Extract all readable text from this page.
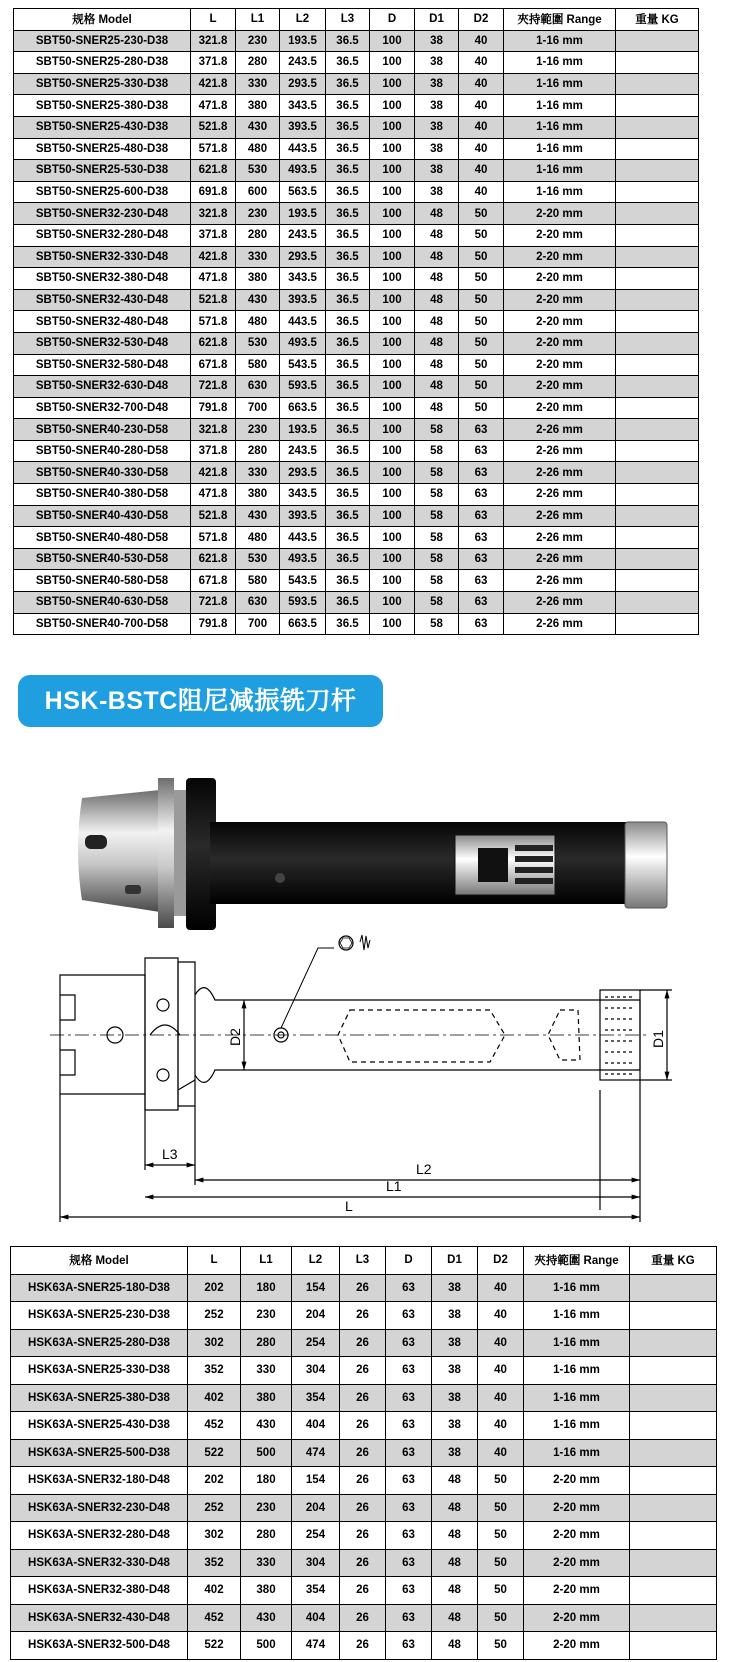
规格 Model	L	L1	L2	L3	D	D1	D2	夾持範圍 Range	重量 KG
SBT50-SNER25-230-D38	321.8	230	193.5	36.5	100	38	40	1-16 mm	
SBT50-SNER25-280-D38	371.8	280	243.5	36.5	100	38	40	1-16 mm	
SBT50-SNER25-330-D38	421.8	330	293.5	36.5	100	38	40	1-16 mm	
SBT50-SNER25-380-D38	471.8	380	343.5	36.5	100	38	40	1-16 mm	
SBT50-SNER25-430-D38	521.8	430	393.5	36.5	100	38	40	1-16 mm	
SBT50-SNER25-480-D38	571.8	480	443.5	36.5	100	38	40	1-16 mm	
SBT50-SNER25-530-D38	621.8	530	493.5	36.5	100	38	40	1-16 mm	
SBT50-SNER25-600-D38	691.8	600	563.5	36.5	100	38	40	1-16 mm	
SBT50-SNER32-230-D48	321.8	230	193.5	36.5	100	48	50	2-20 mm	
SBT50-SNER32-280-D48	371.8	280	243.5	36.5	100	48	50	2-20 mm	
SBT50-SNER32-330-D48	421.8	330	293.5	36.5	100	48	50	2-20 mm	
SBT50-SNER32-380-D48	471.8	380	343.5	36.5	100	48	50	2-20 mm	
SBT50-SNER32-430-D48	521.8	430	393.5	36.5	100	48	50	2-20 mm	
SBT50-SNER32-480-D48	571.8	480	443.5	36.5	100	48	50	2-20 mm	
SBT50-SNER32-530-D48	621.8	530	493.5	36.5	100	48	50	2-20 mm	
SBT50-SNER32-580-D48	671.8	580	543.5	36.5	100	48	50	2-20 mm	
SBT50-SNER32-630-D48	721.8	630	593.5	36.5	100	48	50	2-20 mm	
SBT50-SNER32-700-D48	791.8	700	663.5	36.5	100	48	50	2-20 mm	
SBT50-SNER40-230-D58	321.8	230	193.5	36.5	100	58	63	2-26 mm	
SBT50-SNER40-280-D58	371.8	280	243.5	36.5	100	58	63	2-26 mm	
SBT50-SNER40-330-D58	421.8	330	293.5	36.5	100	58	63	2-26 mm	
SBT50-SNER40-380-D58	471.8	380	343.5	36.5	100	58	63	2-26 mm	
SBT50-SNER40-430-D58	521.8	430	393.5	36.5	100	58	63	2-26 mm	
SBT50-SNER40-480-D58	571.8	480	443.5	36.5	100	58	63	2-26 mm	
SBT50-SNER40-530-D58	621.8	530	493.5	36.5	100	58	63	2-26 mm	
SBT50-SNER40-580-D58	671.8	580	543.5	36.5	100	58	63	2-26 mm	
SBT50-SNER40-630-D58	721.8	630	593.5	36.5	100	58	63	2-26 mm	
SBT50-SNER40-700-D58	791.8	700	663.5	36.5	100	58	63	2-26 mm	
HSK-BSTC阻尼减振铣刀杆
L3
L2
L1
L
D2	D1
规格 Model	L	L1	L2	L3	D	D1	D2	夾持範圍 Range	重量 KG
HSK63A-SNER25-180-D38	202	180	154	26	63	38	40	1-16 mm	
HSK63A-SNER25-230-D38	252	230	204	26	63	38	40	1-16 mm	
HSK63A-SNER25-280-D38	302	280	254	26	63	38	40	1-16 mm	
HSK63A-SNER25-330-D38	352	330	304	26	63	38	40	1-16 mm	
HSK63A-SNER25-380-D38	402	380	354	26	63	38	40	1-16 mm	
HSK63A-SNER25-430-D38	452	430	404	26	63	38	40	1-16 mm	
HSK63A-SNER25-500-D38	522	500	474	26	63	38	40	1-16 mm	
HSK63A-SNER32-180-D48	202	180	154	26	63	48	50	2-20 mm	
HSK63A-SNER32-230-D48	252	230	204	26	63	48	50	2-20 mm	
HSK63A-SNER32-280-D48	302	280	254	26	63	48	50	2-20 mm	
HSK63A-SNER32-330-D48	352	330	304	26	63	48	50	2-20 mm	
HSK63A-SNER32-380-D48	402	380	354	26	63	48	50	2-20 mm	
HSK63A-SNER32-430-D48	452	430	404	26	63	48	50	2-20 mm	
HSK63A-SNER32-500-D48	522	500	474	26	63	48	50	2-20 mm	
